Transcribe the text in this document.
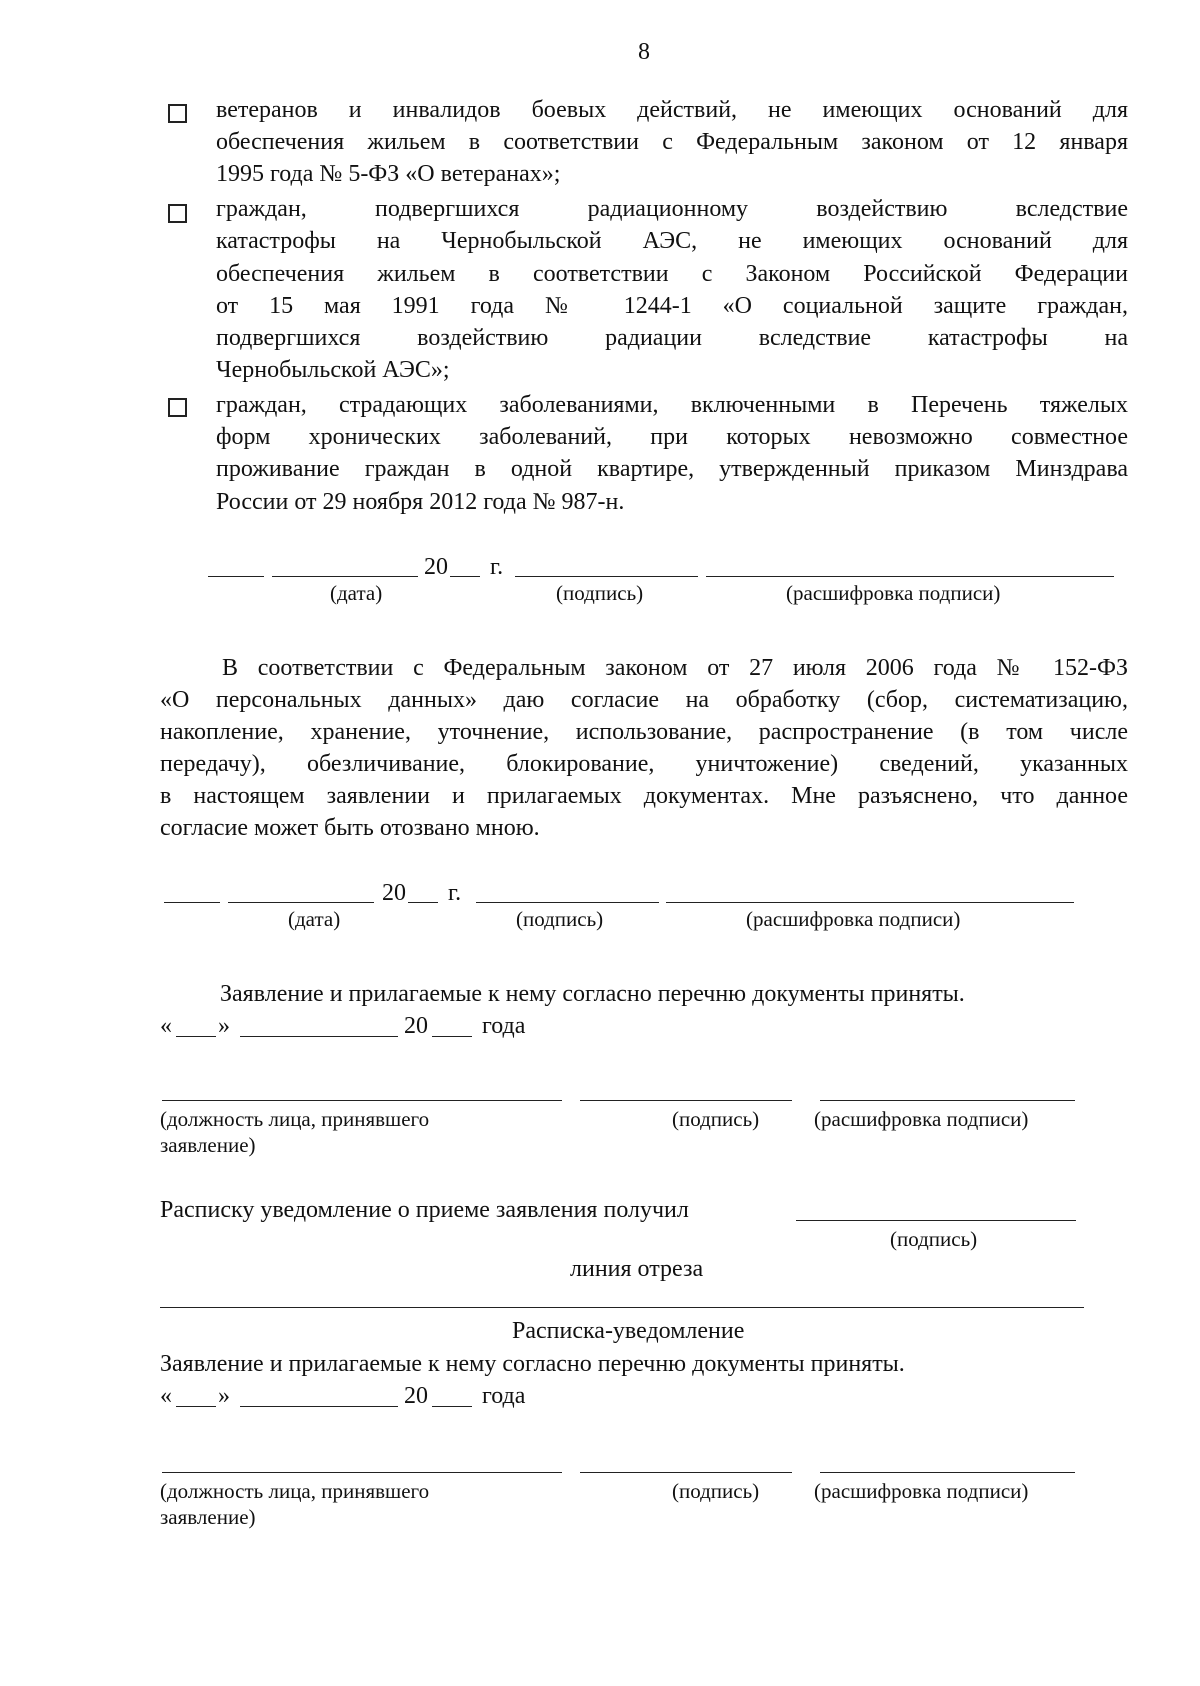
8
ветеранов и инвалидов боевых действий, не имеющих оснований для
обеспечения жильем в соответствии с Федеральным законом от 12 января
1995 года № 5-ФЗ «О ветеранах»;
граждан, подвергшихся радиационному воздействию вследствие
катастрофы на Чернобыльской АЭС, не имеющих оснований для
обеспечения жильем в соответствии с Законом Российской Федерации
от 15 мая 1991 года № 1244-1 «О социальной защите граждан,
подвергшихся воздействию радиации вследствие катастрофы на
Чернобыльской АЭС»;
граждан, страдающих заболеваниями, включенными в Перечень тяжелых
форм хронических заболеваний, при которых невозможно совместное
проживание граждан в одной квартире, утвержденный приказом Минздрава
России от 29 ноября 2012 года № 987-н.
20 г.
(дата)	(подпись)	(расшифровка подписи)
В соответствии с Федеральным законом от 27 июля 2006 года № 152-ФЗ
«О персональных данных» даю согласие на обработку (сбор, систематизацию,
накопление, хранение, уточнение, использование, распространение (в том числе
передачу), обезличивание, блокирование, уничтожение) сведений, указанных
в настоящем заявлении и прилагаемых документах. Мне разъяснено, что данное
согласие может быть отозвано мною.
20 г.
(дата)	(подпись)	(расшифровка подписи)
Заявление и прилагаемые к нему согласно перечню документы приняты.
« »	20 года
(должность лица, принявшего
заявление)
(подпись)	(расшифровка подписи)
Расписку уведомление о приеме заявления получил
(подпись)
линия отреза
Расписка-уведомление
Заявление и прилагаемые к нему согласно перечню документы приняты.
« »	20 года
(должность лица, принявшего
заявление)
(подпись)	(расшифровка подписи)
